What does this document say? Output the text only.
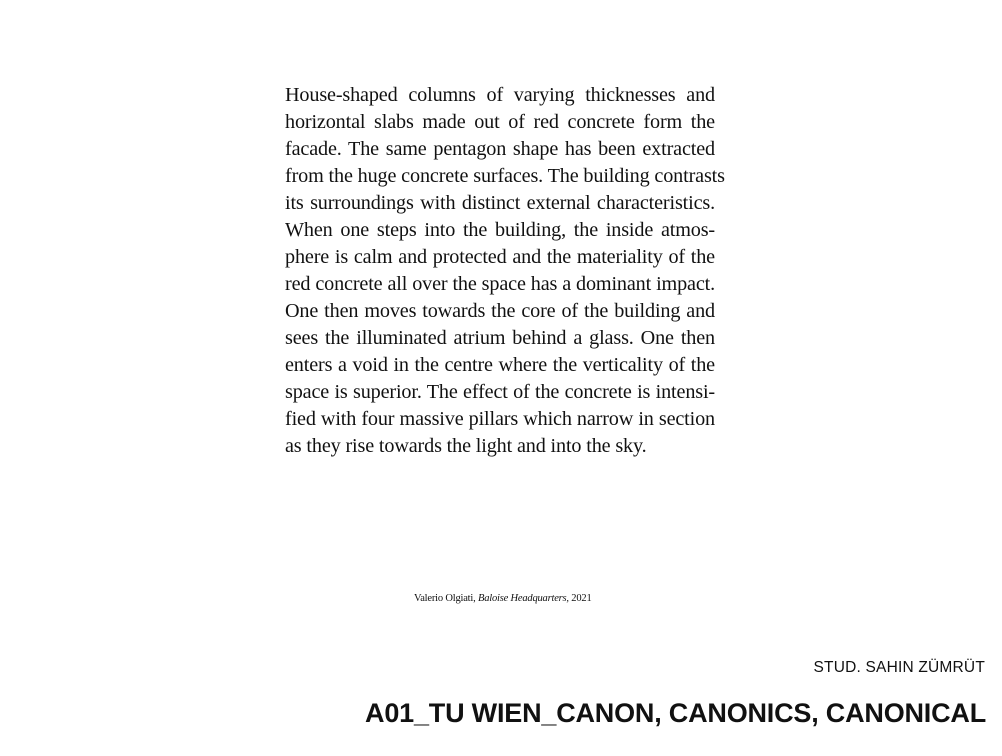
House-shaped columns of varying thicknesses and
horizontal slabs made out of red concrete form the
facade. The same pentagon shape has been extracted
from the huge concrete surfaces. The building contrasts
its surroundings with distinct external characteristics.
When one steps into the building, the inside atmos-
phere is calm and protected and the materiality of the
red concrete all over the space has a dominant impact.
One then moves towards the core of the building and
sees the illuminated atrium behind a glass. One then
enters a void in the centre where the verticality of the
space is superior. The effect of the concrete is intensi-
fied with four massive pillars which narrow in section
as they rise towards the light and into the sky.
Valerio Olgiati, Baloise Headquarters, 2021
STUD. SAHIN ZÜMRÜT
A01_TU WIEN_CANON, CANONICS, CANONICAL
